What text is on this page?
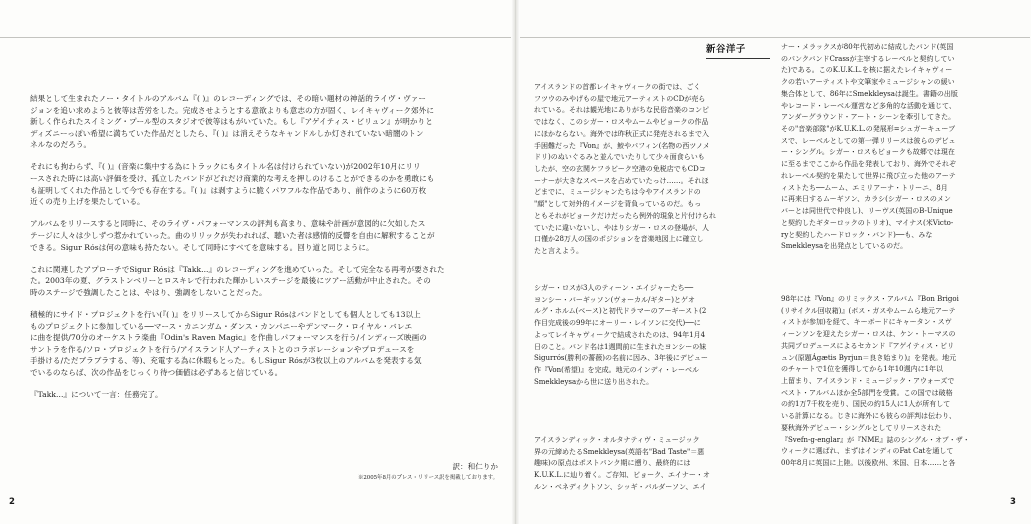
結果として生まれたノー・タイトルのアルバム『( )』のレコーディングでは、その暗い題材の神話的ライヴ・ヴァー
ジョンを追い求めようと彼等は苦労をした。完成させようとする意欲よりも意志の方が固く、レイキャヴィーク郊外に
新しく作られたスイミング・プール型のスタジオで彼等はもがいていた。もし『アゲイティス・ビリュン』が明かりと
ディズニーっぽい希望に満ちていた作品だとしたら、『( )』は消えそうなキャンドルしか灯されていない暗闇のトン
ネルなのだろう。

それにも拘わらず、『( )』(音楽に集中する為にトラックにもタイトル名は付けられていない)が2002年10月にリリ
ースされた時には高い評価を受け、孤立したバンドがどれだけ商業的な考えを押しのけることができるのかを勇敢にも
も証明してくれた作品として今でも存在する。『( )』は剥すように脆くパワフルな作品であり、前作のように60万枚
近くの売り上げを果たしている。

アルバムをリリースすると同時に、そのライヴ・パフォーマンスの評判も高まり、意味や計画が意図的に欠如したス
テージに人々は少しずつ惹かれていった。曲のリリックが失われれば、聴いた者は感情的反響を自由に解釈することが
できる。Sigur Rósは何の意味も持たない。そして同時にすべてを意味する。回り道と同じように。

これに関連したアプローチでSigur Rósは『Takk...』のレコーディングを進めていった。そして完全なる再考が要された
た。2003年の夏、グラストンベリーとロスキレで行われた輝かしいステージを最後にツアー活動が中止された。その
時のステージで強調したことは、やはり、強調をしないことだった。

積極的にサイド・プロジェクトを行い(『( )』をリリースしてからSigur Rósはバンドとしても個人としても13以上
ものプロジェクトに参加している──マース・カニンガム・ダンス・カンパニーやデンマーク・ロイヤル・バレエ
に曲を提供/70分のオーケストラ楽曲『Odin's Raven Magic』を作曲しパフォーマンスを行う/インディーズ映画の
サントラを作る/ソロ・プロジェクトを行う/アイスランド人アーティストとのコラボレーションやプロデュースを
手掛ける/ただブラブラする、等)、充電する為に休暇もとった。もしSigur Rósが3枚以上のアルバムを発表する気
でいるのならば、次の作品をじっくり待つ価値は必ずあると信じている。

『Takk...』について一言：任務完了。

訳：和仁りか
※2005年8月のプレス・リリース訳を掲載しております。
2
新谷洋子
アイスランドの首都レイキャヴィークの街では、ごく
フツウのみやげもの屋で地元アーティストのCDが売ら
れている。それは観光地にありがちな民俗音楽のコンピ
ではなく、このシガー・ロスやムームやビョークの作品
にほかならない。海外では昨秋正式に発売されるまで入
手困難だった『Von』が、鮫やパフィン(名物の西ツノメ
ドリ)のぬいぐるみと並んでいたりして少々面食らいも
したが、空の玄関ケフラビーク空港の免税店でもCDコ
ーナーが大きなスペースを占めていたっけ……。それほ
どまでに、ミュージシャンたちは今やアイスランドの
"顔"として対外的イメージを背負っているのだ。もっ
ともそれがビョークだけだったら例外的現象と片付けられ
ていたに違いないし、やはりシガー・ロスの登場が、人
口僅か28万人の国のポジションを音楽地図上に確立し
たと言えよう。
シガー・ロスが3人のティーン・エイジャーたち──
ヨンシー・バーギッソン(ヴォーカル/ギター)とゲオ
ルグ・ホルム(ベース)と初代ドラマーのアーギースト(2
作目完成後の99年にオーリー・レイソンに交代)──に
よってレイキャヴィークで結成されたのは、94年1月4
日のこと。バンド名は1週間前に生まれたヨンシーの妹
Sigurrós(勝利の薔薇)の名前に因み、3年後にデビュー
作『Von(希望)』を完成。地元のインディ・レーベル
Smekkleysaから世に送り出された。
アイスランディック・オルタナティヴ・ミュージック
界の元締めたるSmekkleysa(英語名"Bad Taste"＝悪
趣味)の原点はポストパンク期に遡り、最終的には
K.U.K.L.に辿り着く。ご存知、ビョーク、エイナー・オ
ルン・ベネディクトソン、シッギ・バルダーソン、エイ
ナー・メラックスが80年代初めに結成したバンド(英国
のパンクバンドCrassが主宰するレーベルと契約してい
た)である。このK.U.K.L.を核に据えたレイキャヴィー
クの若いアーティストや文筆家やミュージシャンの緩い
集合体として、86年にSmekkleysaは誕生。書籍の出版
やレコード・レーベル運営など多角的な活動を通じて、
アンダーグラウンド・アート・シーンを牽引してきた。
その"音楽部隊"がK.U.K.L.の発展形=シュガーキューブ
スで、レーベルとしての第一弾リリースは彼らのデビュ
ー・シングル。シガー・ロスもビョークも故郷では現在
に至るまでここから作品を発表しており、海外でそれぞ
れレーベル契約を果たして世界に飛び立った他のアーテ
ィストたち──ムーム、エミリアーナ・トリーニ、8月
に再来日するムーギソン、カラシ(シガー・ロスのメン
バーとは同世代で仲良し)、リーヴス(英国のB-Unique
と契約したギターロックのトリオ)、マイナス(米Victo-
ryと契約したハードロック・バンド)──も、みな
Smekkleysaを出発点としているのだ。
98年には『Von』のリミックス・アルバム『Bon Brigoi
(リサイクル回収箱)』(ボス・ガスやムームら地元アーテ
ィストが参加)を経て、キーボードにキャータン・スヴ
ィーンソンを迎えたシガー・ロスは、ケン・トーマスの
共同プロデュースによるセカンド『アゲイティス・ビリ
ュン(原題Ágætis Byrjun＝良き始まり)』を発表。地元
のチャートで1位を獲得してから1年10週内に1年以
上留まり、アイスランド・ミュージック・アウォーズで
ベスト・アルバムほか全5部門を受賞。この国では破格
の約1万7千枚を売り、国民の約15人に1人が所有して
いる計算になる。じきに海外にも彼らの評判は伝わり、
要秋海外デビュー・シングルとしてリリースされた
『Svefn-g-englar』が『NME』誌のシングル・オブ・ザ・
ウィークに選ばれ、まずはインディのFat Catを通して
00年8月に英国に上陸。以後欧州、米国、日本……と各
3
